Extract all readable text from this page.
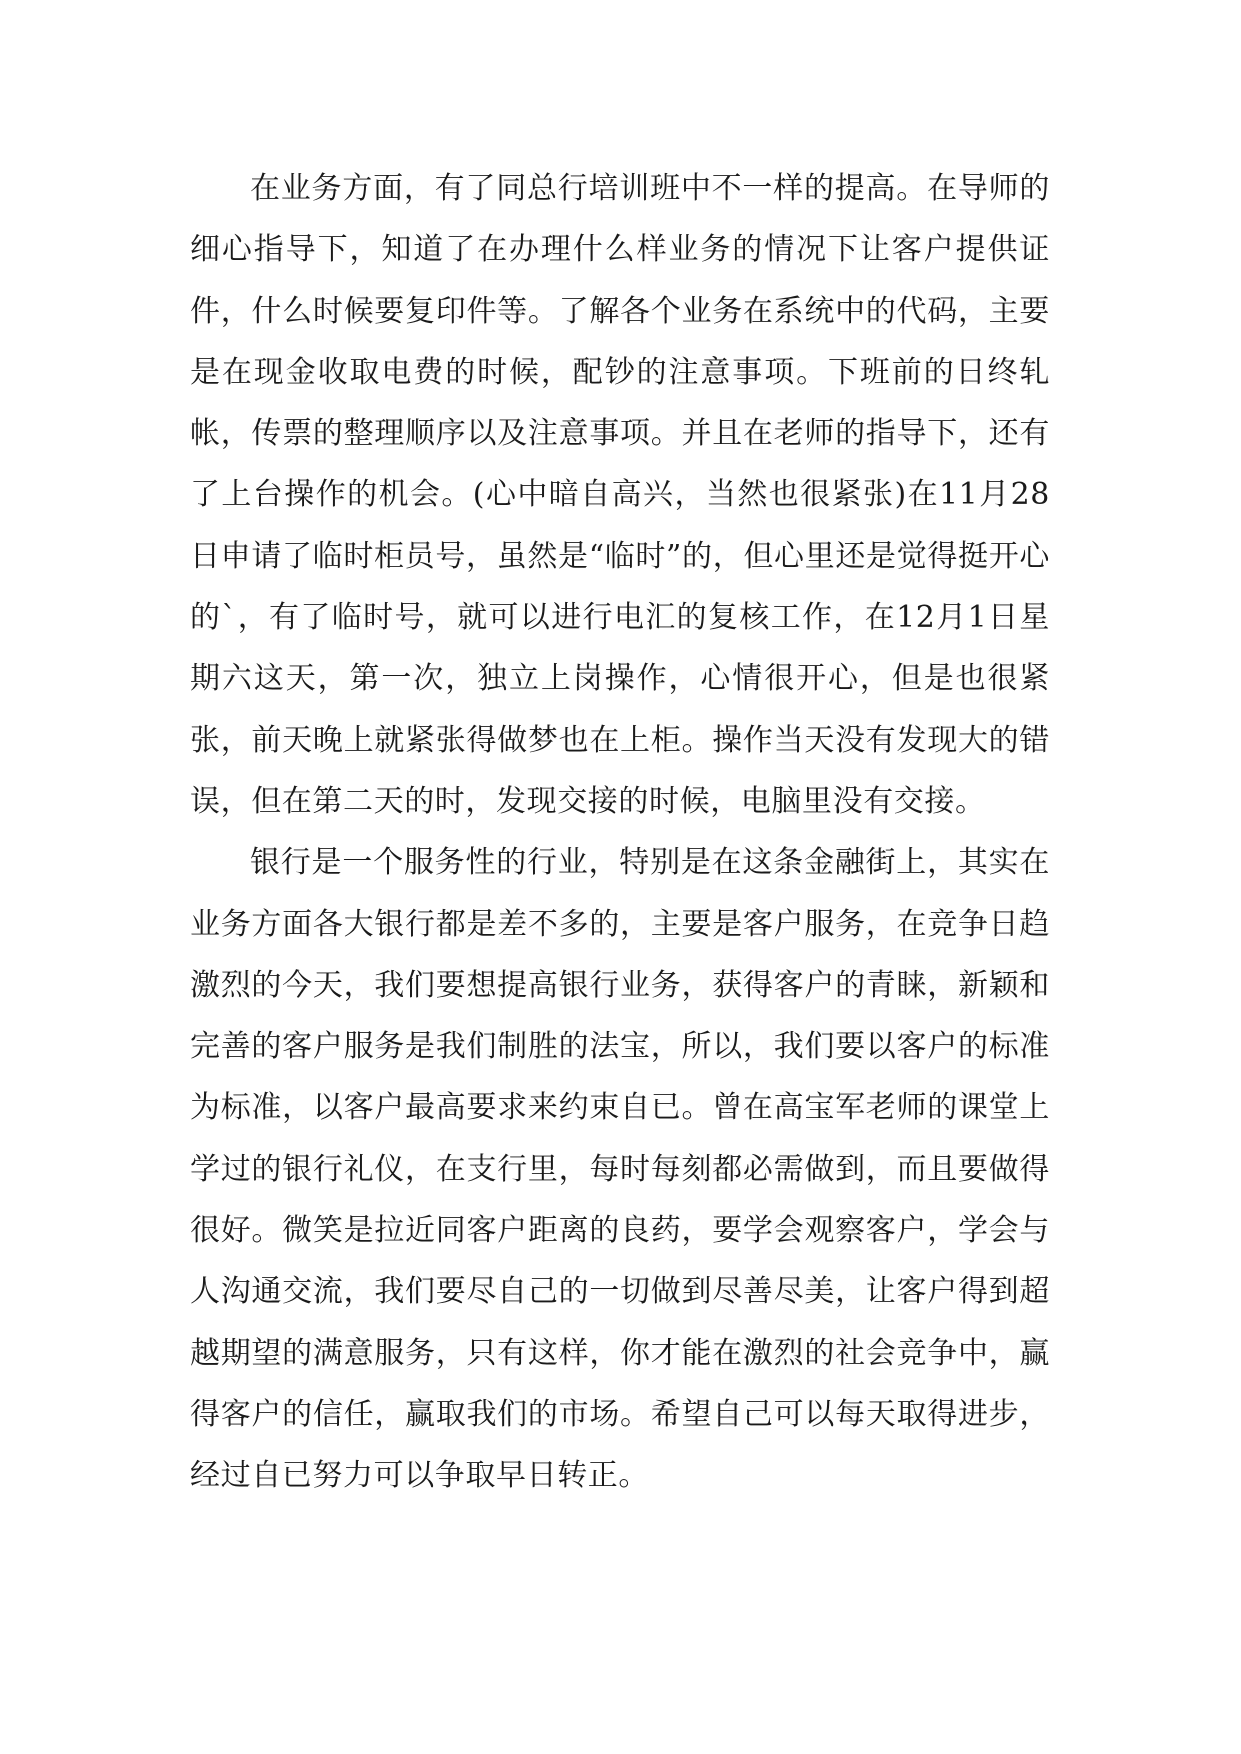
在业务方面，有了同总行培训班中不一样的提高。在导师的细心指导下，知道了在办理什么样业务的情况下让客户提供证件，什么时候要复印件等。了解各个业务在系统中的代码，主要是在现金收取电费的时候，配钞的注意事项。下班前的日终轧帐，传票的整理顺序以及注意事项。并且在老师的指导下，还有了上台操作的机会。(心中暗自高兴，当然也很紧张)在11月28日申请了临时柜员号，虽然是“临时”的，但心里还是觉得挺开心的`，有了临时号，就可以进行电汇的复核工作，在12月1日星期六这天，第一次，独立上岗操作，心情很开心，但是也很紧张，前天晚上就紧张得做梦也在上柜。操作当天没有发现大的错误，但在第二天的时，发现交接的时候，电脑里没有交接。

银行是一个服务性的行业，特别是在这条金融街上，其实在业务方面各大银行都是差不多的，主要是客户服务，在竞争日趋激烈的今天，我们要想提高银行业务，获得客户的青睐，新颖和完善的客户服务是我们制胜的法宝，所以，我们要以客户的标准为标准，以客户最高要求来约束自已。曾在高宝军老师的课堂上学过的银行礼仪，在支行里，每时每刻都必需做到，而且要做得很好。微笑是拉近同客户距离的良药，要学会观察客户，学会与人沟通交流，我们要尽自己的一切做到尽善尽美，让客户得到超越期望的满意服务，只有这样，你才能在激烈的社会竞争中，赢得客户的信任，赢取我们的市场。希望自己可以每天取得进步，经过自已努力可以争取早日转正。
